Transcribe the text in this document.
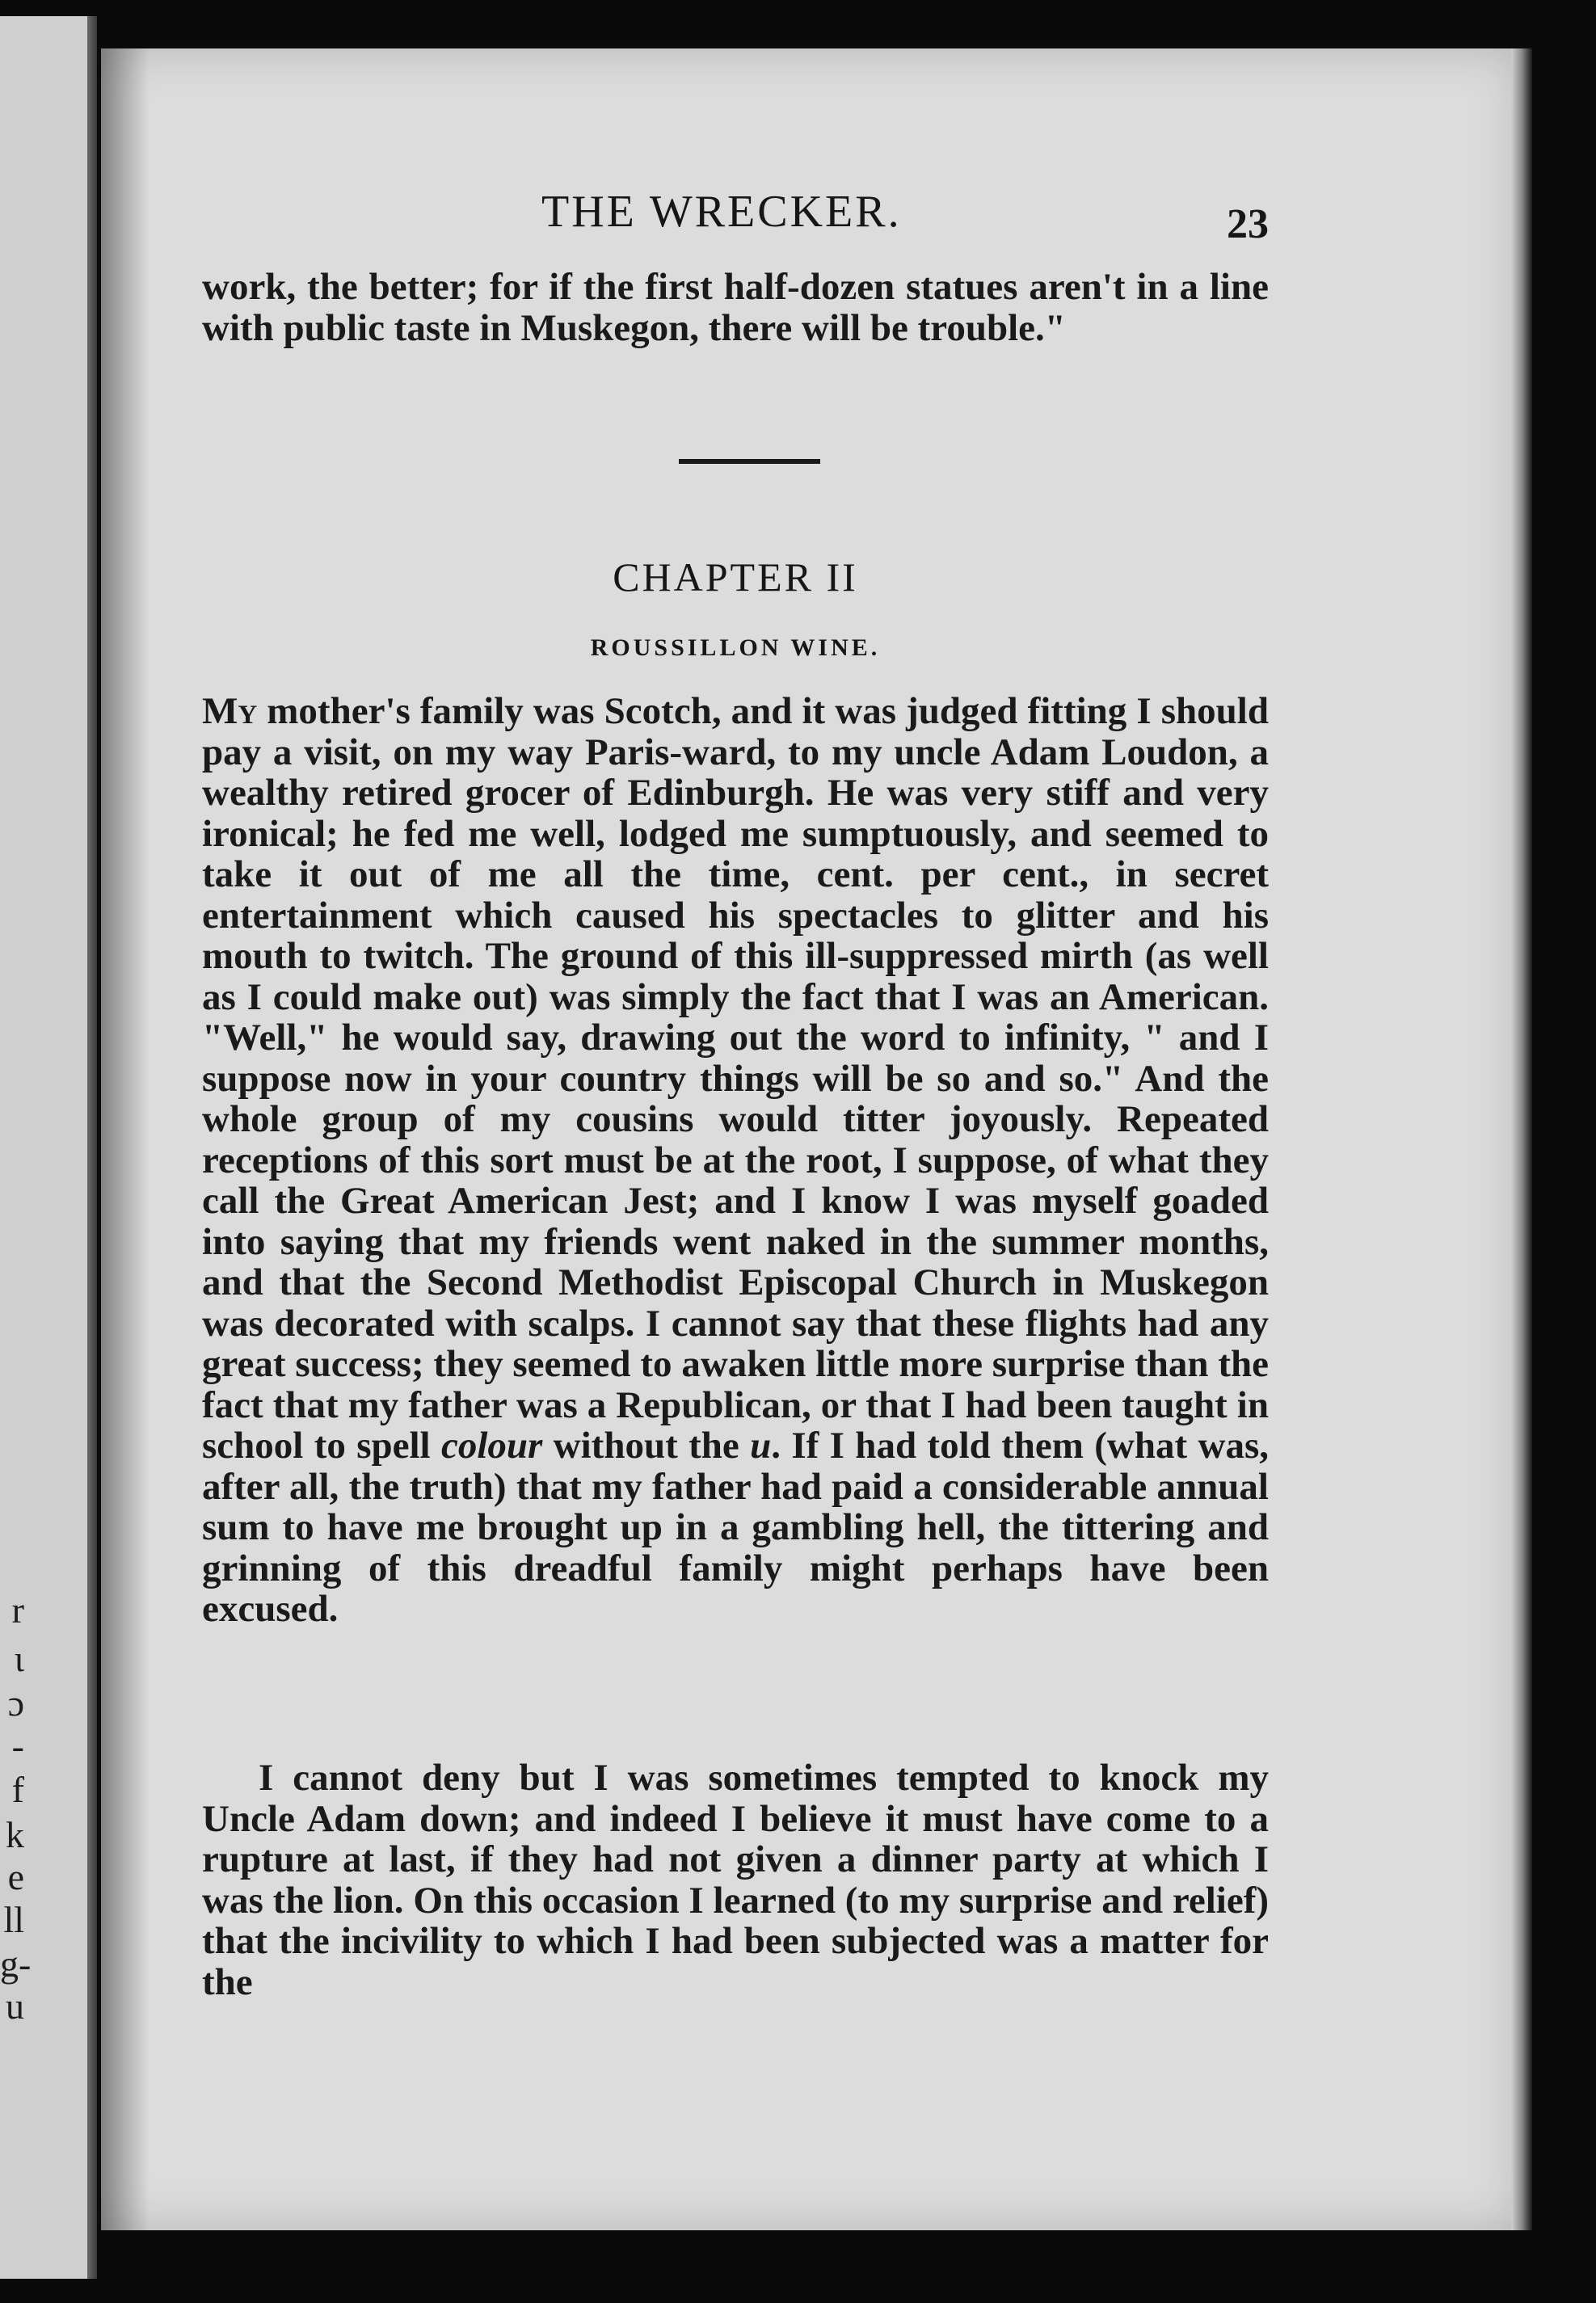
r
ι
ɔ
-
f
k
e
ll
g-
u
THE WRECKER.	23

work, the better; for if the first half-dozen statues aren't in a line with public taste in Muskegon, there will be trouble."

CHAPTER II
ROUSSILLON WINE.

My mother's family was Scotch, and it was judged fitting I should pay a visit, on my way Paris-ward, to my uncle Adam Loudon, a wealthy retired grocer of Edinburgh. He was very stiff and very ironical; he fed me well, lodged me sumptuously, and seemed to take it out of me all the time, cent. per cent., in secret entertainment which caused his spectacles to glitter and his mouth to twitch. The ground of this ill-suppressed mirth (as well as I could make out) was simply the fact that I was an American. "Well," he would say, drawing out the word to infinity, " and I suppose now in your country things will be so and so." And the whole group of my cousins would titter joyously. Repeated receptions of this sort must be at the root, I suppose, of what they call the Great American Jest; and I know I was myself goaded into saying that my friends went naked in the summer months, and that the Second Methodist Episcopal Church in Muskegon was decorated with scalps. I cannot say that these flights had any great success; they seemed to awaken little more surprise than the fact that my father was a Republican, or that I had been taught in school to spell colour without the u. If I had told them (what was, after all, the truth) that my father had paid a considerable annual sum to have me brought up in a gambling hell, the tittering and grinning of this dreadful family might perhaps have been excused.

I cannot deny but I was sometimes tempted to knock my Uncle Adam down; and indeed I believe it must have come to a rupture at last, if they had not given a dinner party at which I was the lion. On this occasion I learned (to my surprise and relief) that the incivility to which I had been subjected was a matter for the
